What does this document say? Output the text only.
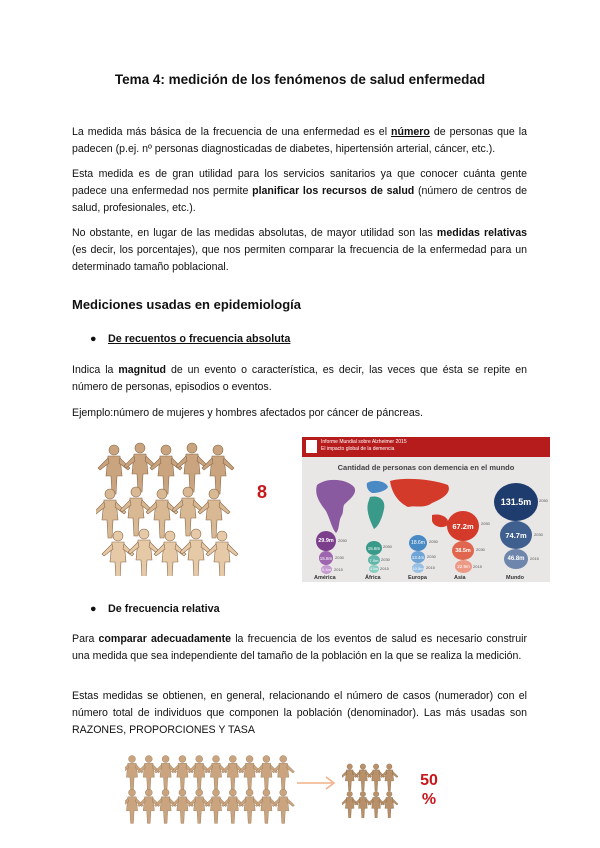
Tema 4: medición de los fenómenos de salud enfermedad
La medida más básica de la frecuencia de una enfermedad es el número de personas que la padecen (p.ej. nº personas diagnosticadas de diabetes, hipertensión arterial, cáncer, etc.).
Esta medida es de gran utilidad para los servicios sanitarios ya que conocer cuánta gente padece una enfermedad nos permite planificar los recursos de salud (número de centros de salud, profesionales, etc.).
No obstante, en lugar de las medidas absolutas, de mayor utilidad son las medidas relativas (es decir, los porcentajes), que nos permiten comparar la frecuencia de la enfermedad para un determinado tamaño poblacional.
Mediciones usadas en epidemiología
● De recuentos o frecuencia absoluta
Indica la magnitud de un evento o característica, es decir, las veces que ésta se repite en número de personas, episodios o eventos.
Ejemplo:número de mujeres y hombres afectados por cáncer de páncreas.
8
Informe Mundial sobre Alzheimer 2015
El impacto global de la demencia
Cantidad de personas con demencia en el mundo
29.9m	2050
15.8m 2030
9.4m 2015
América
15.8m 2050
7.0m 2030
4.0m 2015
África
18.6m	2050
13.4m 2030
10.5m 2015
Europa
67.2m	2050
38.5m	2030
22.9m 2015
Asia
131.5m	2050
74.7m	2030
46.8m	2015
Mundo
● De frecuencia relativa
Para comparar adecuadamente la frecuencia de los eventos de salud es necesario construir una medida que sea independiente del tamaño de la población en la que se realiza la medición.
Estas medidas se obtienen, en general, relacionando el número de casos (numerador) con el número total de individuos que componen la población (denominador). Las más usadas son RAZONES, PROPORCIONES Y TASA
50
%
